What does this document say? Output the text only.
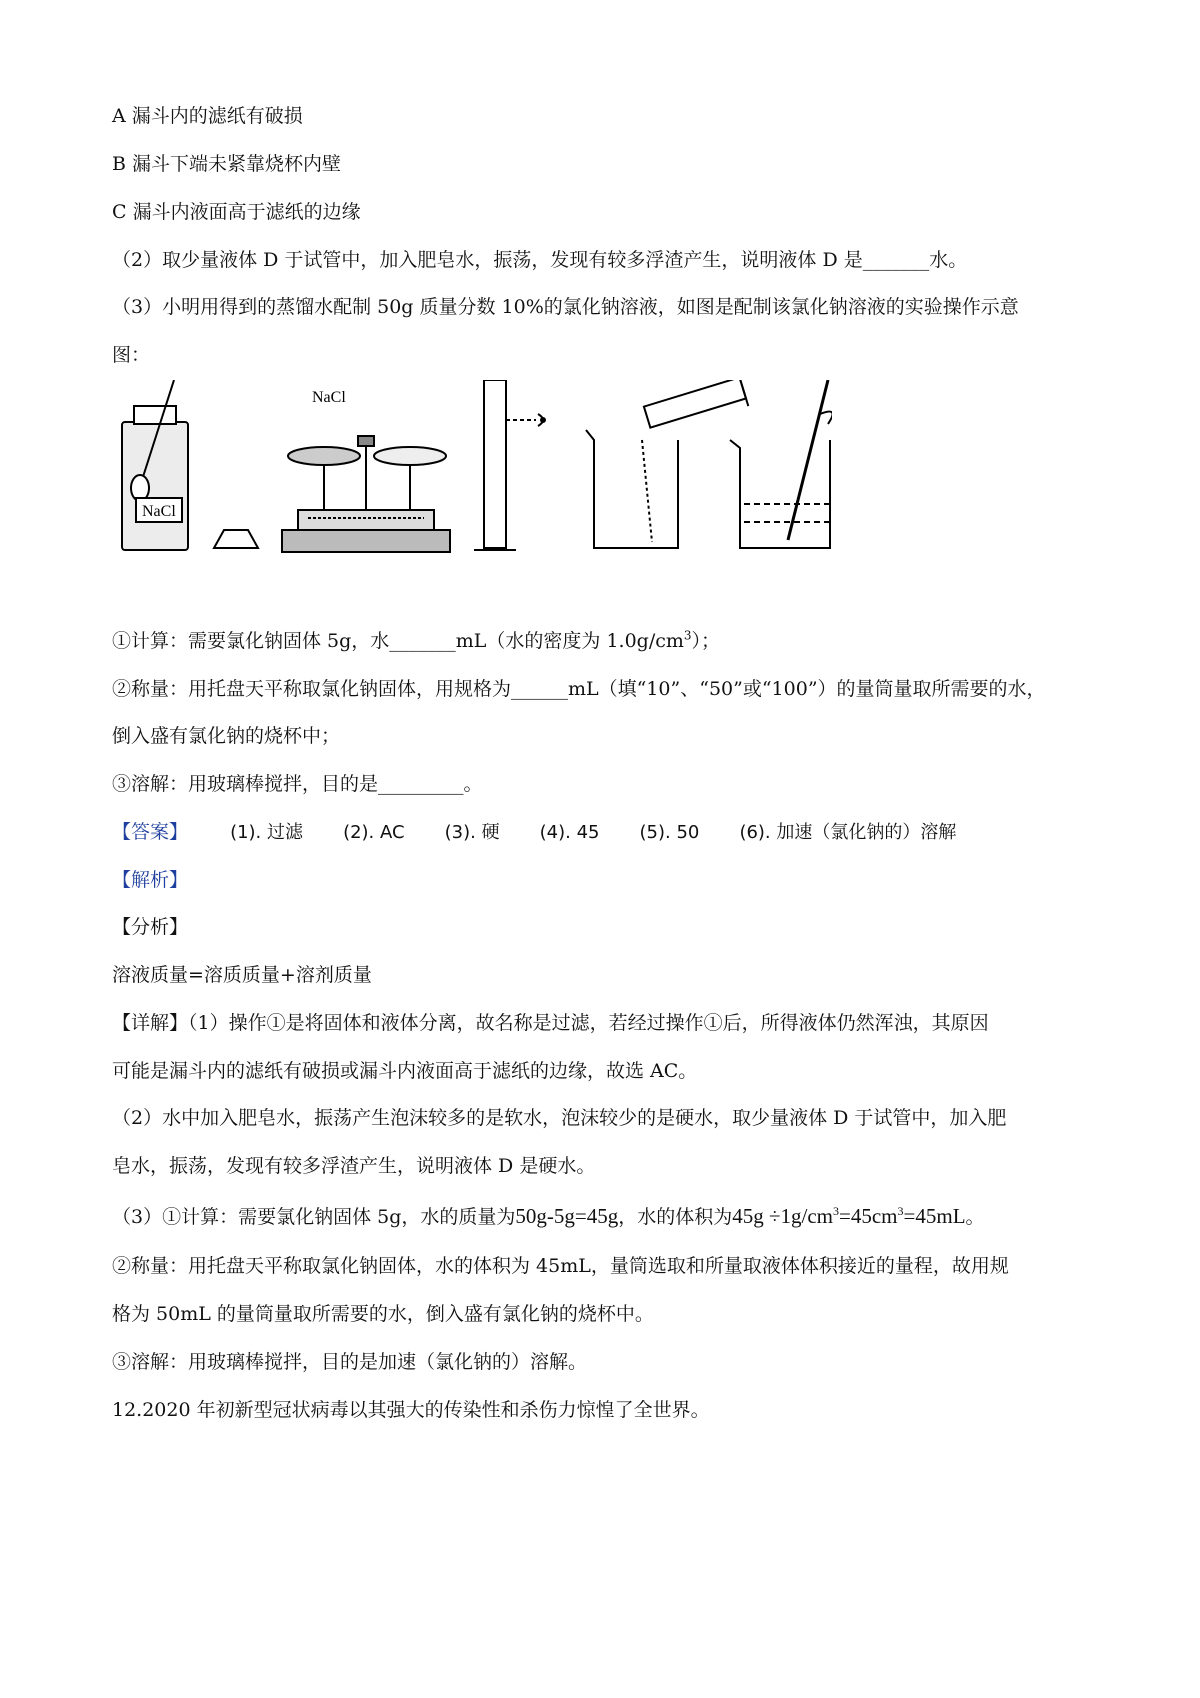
A 漏斗内的滤纸有破损
B 漏斗下端未紧靠烧杯内壁
C 漏斗内液面高于滤纸的边缘
（2）取少量液体 D 于试管中，加入肥皂水，振荡，发现有较多浮渣产生，说明液体 D 是_______水。
（3）小明用得到的蒸馏水配制 50g 质量分数 10%的氯化钠溶液，如图是配制该氯化钠溶液的实验操作示意
图：
NaCl
NaCl
①计算：需要氯化钠固体 5g，水_______mL（水的密度为 $1.0g/cm^3$）；
②称量：用托盘天平称取氯化钠固体，用规格为______mL（填“10”、“50”或“100”）的量筒量取所需要的水，
倒入盛有氯化钠的烧杯中；
③溶解：用玻璃棒搅拌，目的是_________。
【答案】 (1). 过滤 (2). AC (3). 硬 (4). 45 (5). 50 (6). 加速（氯化钠的）溶解
【解析】
【分析】
溶液质量=溶质质量+溶剂质量
【详解】（1）操作①是将固体和液体分离，故名称是过滤，若经过操作①后，所得液体仍然浑浊，其原因
可能是漏斗内的滤纸有破损或漏斗内液面高于滤纸的边缘，故选 AC。
（2）水中加入肥皂水，振荡产生泡沫较多的是软水，泡沫较少的是硬水，取少量液体 D 于试管中，加入肥
皂水，振荡，发现有较多浮渣产生，说明液体 D 是硬水。
（3）①计算：需要氯化钠固体 5g，水的质量为50g-5g=45g，水的体积为$45g \div 1g/cm^3=45cm^3=45mL$。
②称量：用托盘天平称取氯化钠固体，水的体积为 45mL，量筒选取和所量取液体体积接近的量程，故用规
格为 50mL 的量筒量取所需要的水，倒入盛有氯化钠的烧杯中。
③溶解：用玻璃棒搅拌，目的是加速（氯化钠的）溶解。
12.2020 年初新型冠状病毒以其强大的传染性和杀伤力惊惶了全世界。
